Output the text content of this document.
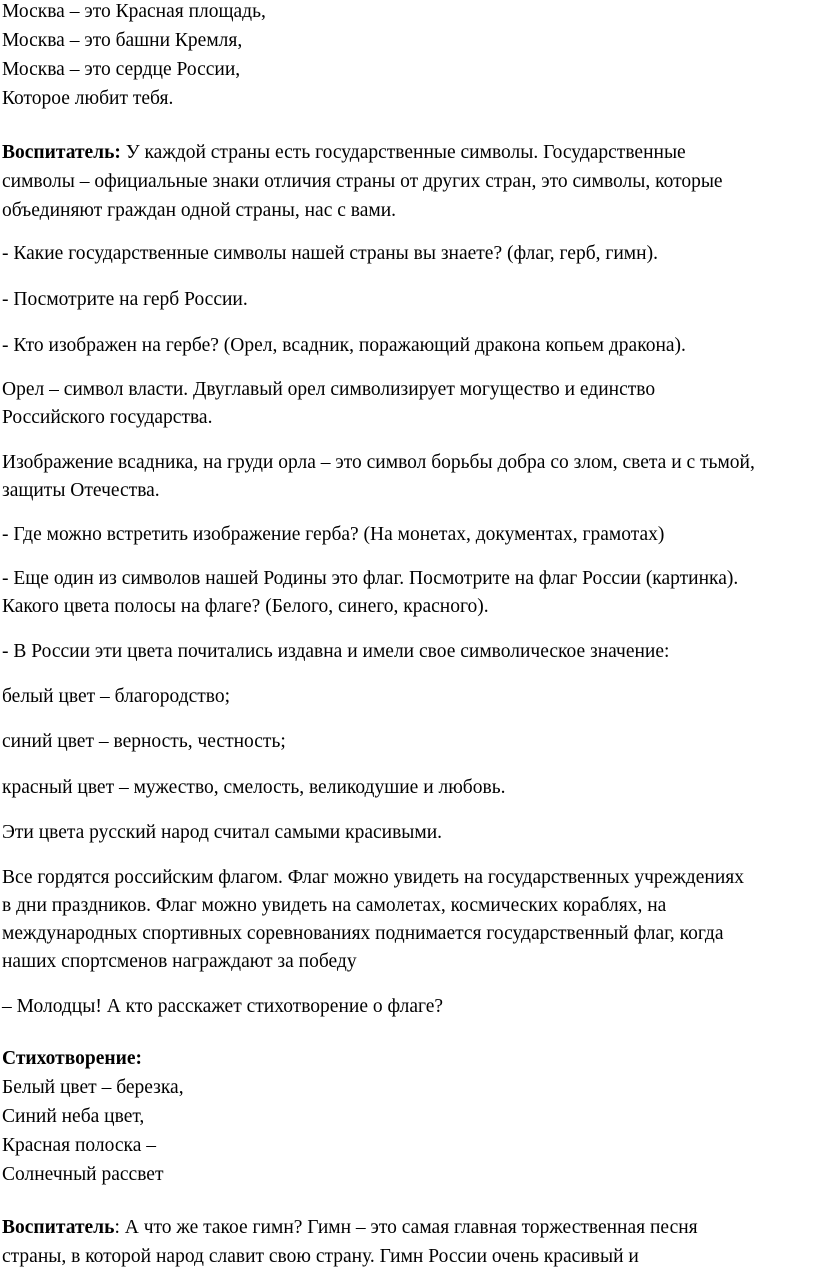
Москва – это Красная площадь,
Москва – это башни Кремля,
Москва – это сердце России,
Которое любит тебя.
Воспитатель: У каждой страны есть государственные символы. Государственные
символы – официальные знаки отличия страны от других стран, это символы, которые
объединяют граждан одной страны, нас с вами.
- Какие государственные символы нашей страны вы знаете? (флаг, герб, гимн).
- Посмотрите на герб России.
- Кто изображен на гербе? (Орел, всадник, поражающий дракона копьем дракона).
Орел – символ власти. Двуглавый орел символизирует могущество и единство
Российского государства.
Изображение всадника, на груди орла – это символ борьбы добра со злом, света и с тьмой,
защиты Отечества.
- Где можно встретить изображение герба? (На монетах, документах, грамотах)
- Еще один из символов нашей Родины это флаг. Посмотрите на флаг России (картинка).
Какого цвета полосы на флаге? (Белого, синего, красного).
- В России эти цвета почитались издавна и имели свое символическое значение:
белый цвет – благородство;
синий цвет – верность, честность;
красный цвет – мужество, смелость, великодушие и любовь.
Эти цвета русский народ считал самыми красивыми.
Все гордятся российским флагом. Флаг можно увидеть на государственных учреждениях
в дни праздников. Флаг можно увидеть на самолетах, космических кораблях, на
международных спортивных соревнованиях поднимается государственный флаг, когда
наших спортсменов награждают за победу
– Молодцы! А кто расскажет стихотворение о флаге?
Стихотворение:
Белый цвет – березка,
Синий неба цвет,
Красная полоска –
Солнечный рассвет
Воспитатель: А что же такое гимн? Гимн – это самая главная торжественная песня
страны, в которой народ славит свою страну. Гимн России очень красивый и
